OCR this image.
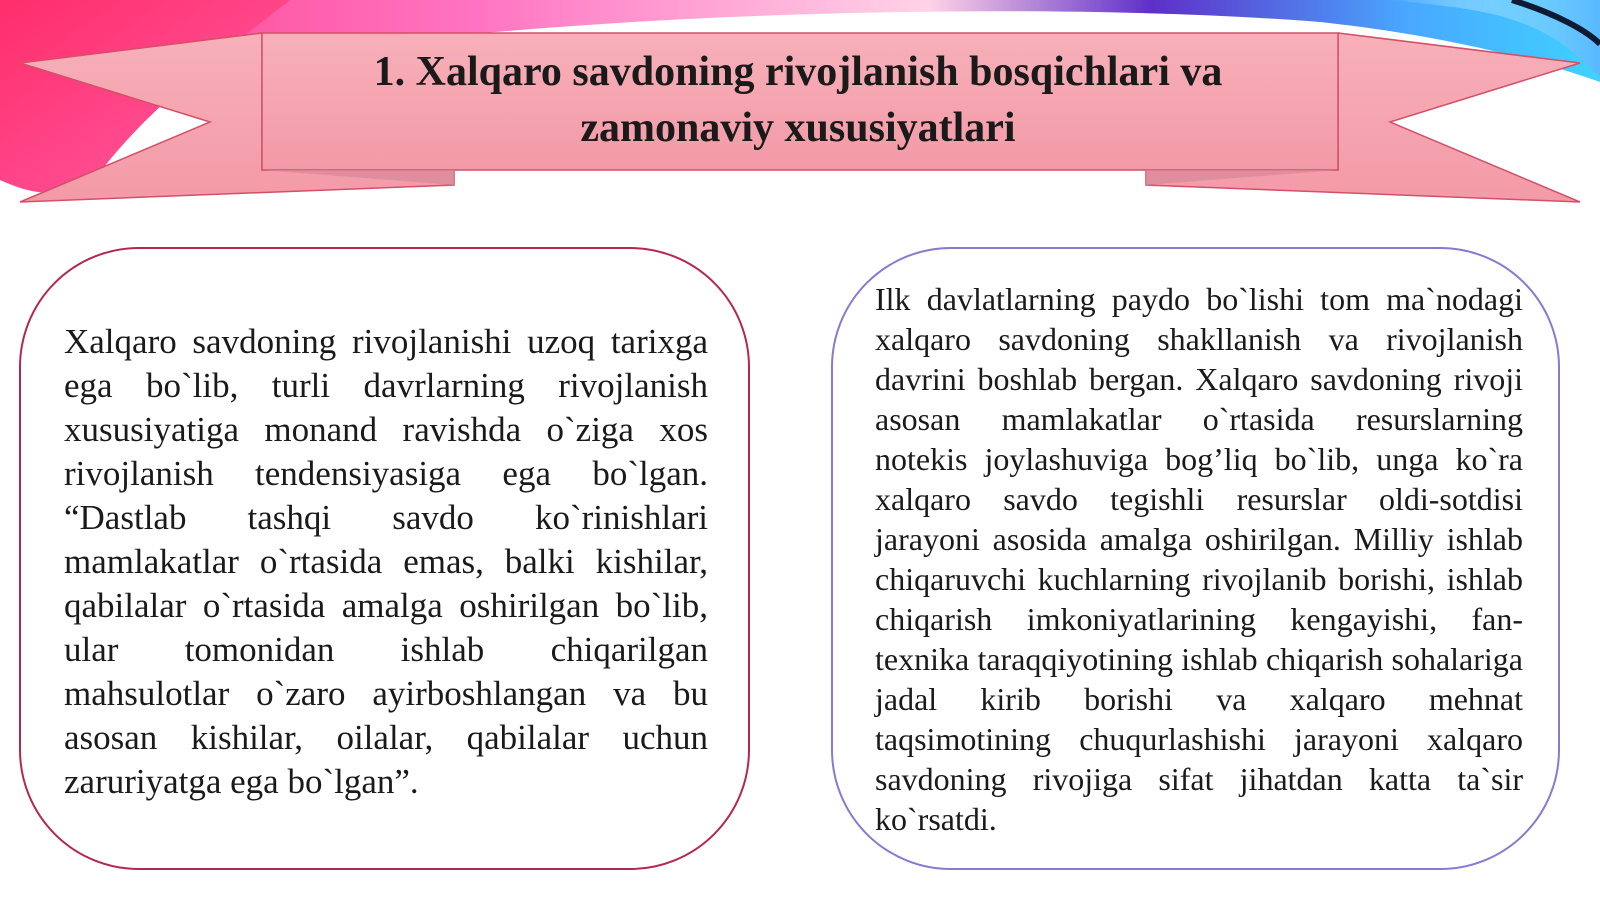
1. Xalqaro savdoning rivojlanish bosqichlari va zamonaviy xususiyatlari

Xalqaro savdoning rivojlanishi uzoq tarixga ega bo`lib, turli davrlarning rivojlanish xususiyatiga monand ravishda o`ziga xos rivojlanish tendensiyasiga ega bo`lgan. “Dastlab tashqi savdo ko`rinishlari mamlakatlar o`rtasida emas, balki kishilar, qabilalar o`rtasida amalga oshirilgan bo`lib, ular tomonidan ishlab chiqarilgan mahsulotlar o`zaro ayirboshlangan va bu asosan kishilar, oilalar, qabilalar uchun zaruriyatga ega bo`lgan”.

Ilk davlatlarning paydo bo`lishi tom ma`nodagi xalqaro savdoning shakllanish va rivojlanish davrini boshlab bergan. Xalqaro savdoning rivoji asosan mamlakatlar o`rtasida resurslarning notekis joylashuviga bog’liq bo`lib, unga ko`ra xalqaro savdo tegishli resurslar oldi-sotdisi jarayoni asosida amalga oshirilgan. Milliy ishlab chiqaruvchi kuchlarning rivojlanib borishi, ishlab chiqarish imkoniyatlarining kengayishi, fan-texnika taraqqiyotining ishlab chiqarish sohalariga jadal kirib borishi va xalqaro mehnat taqsimotining chuqurlashishi jarayoni xalqaro savdoning rivojiga sifat jihatdan katta ta`sir ko`rsatdi.
